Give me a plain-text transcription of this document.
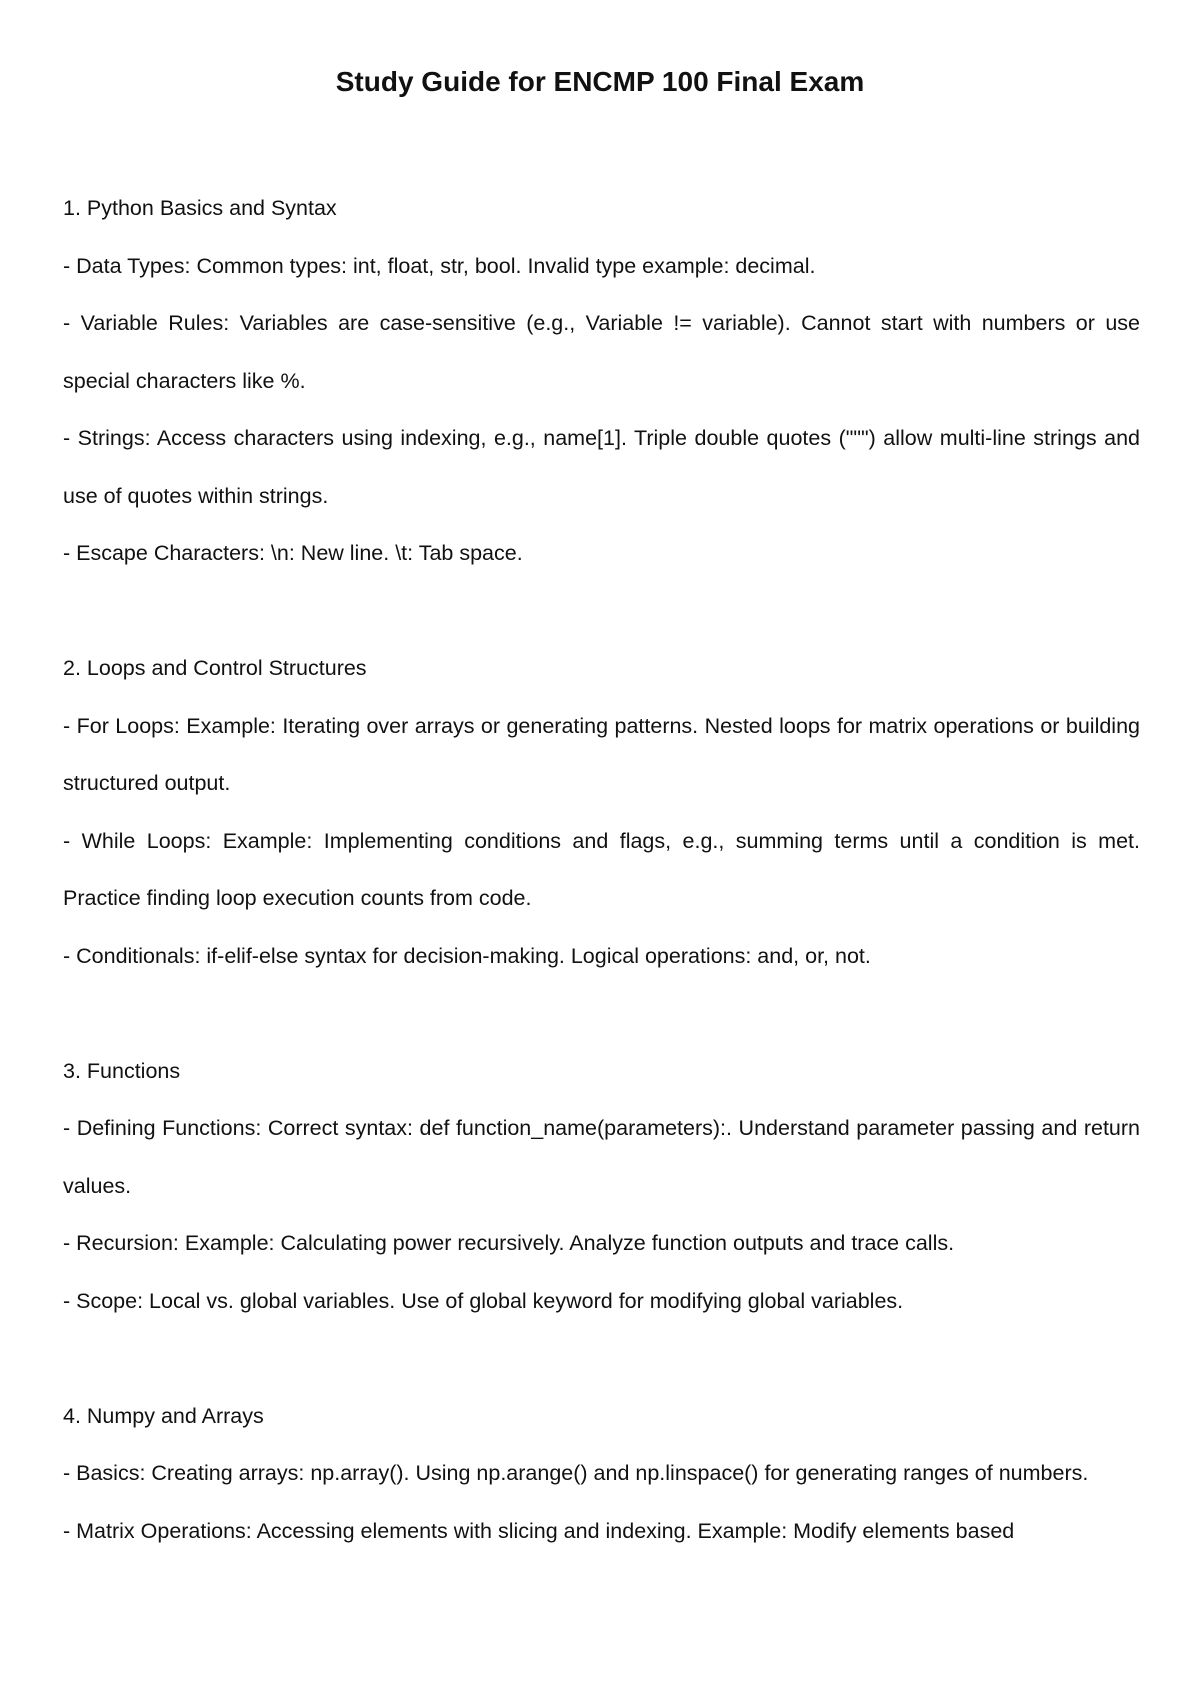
Study Guide for ENCMP 100 Final Exam

1. Python Basics and Syntax

- Data Types: Common types: int, float, str, bool. Invalid type example: decimal.

- Variable Rules: Variables are case-sensitive (e.g., Variable != variable). Cannot start with numbers or use special characters like %.

- Strings: Access characters using indexing, e.g., name[1]. Triple double quotes (""") allow multi-line strings and use of quotes within strings.

- Escape Characters: \n: New line. \t: Tab space.

2. Loops and Control Structures

- For Loops: Example: Iterating over arrays or generating patterns. Nested loops for matrix operations or building structured output.

- While Loops: Example: Implementing conditions and flags, e.g., summing terms until a condition is met. Practice finding loop execution counts from code.

- Conditionals: if-elif-else syntax for decision-making. Logical operations: and, or, not.

3. Functions

- Defining Functions: Correct syntax: def function_name(parameters):. Understand parameter passing and return values.

- Recursion: Example: Calculating power recursively. Analyze function outputs and trace calls.

- Scope: Local vs. global variables. Use of global keyword for modifying global variables.

4. Numpy and Arrays

- Basics: Creating arrays: np.array(). Using np.arange() and np.linspace() for generating ranges of numbers.

- Matrix Operations: Accessing elements with slicing and indexing. Example: Modify elements based
